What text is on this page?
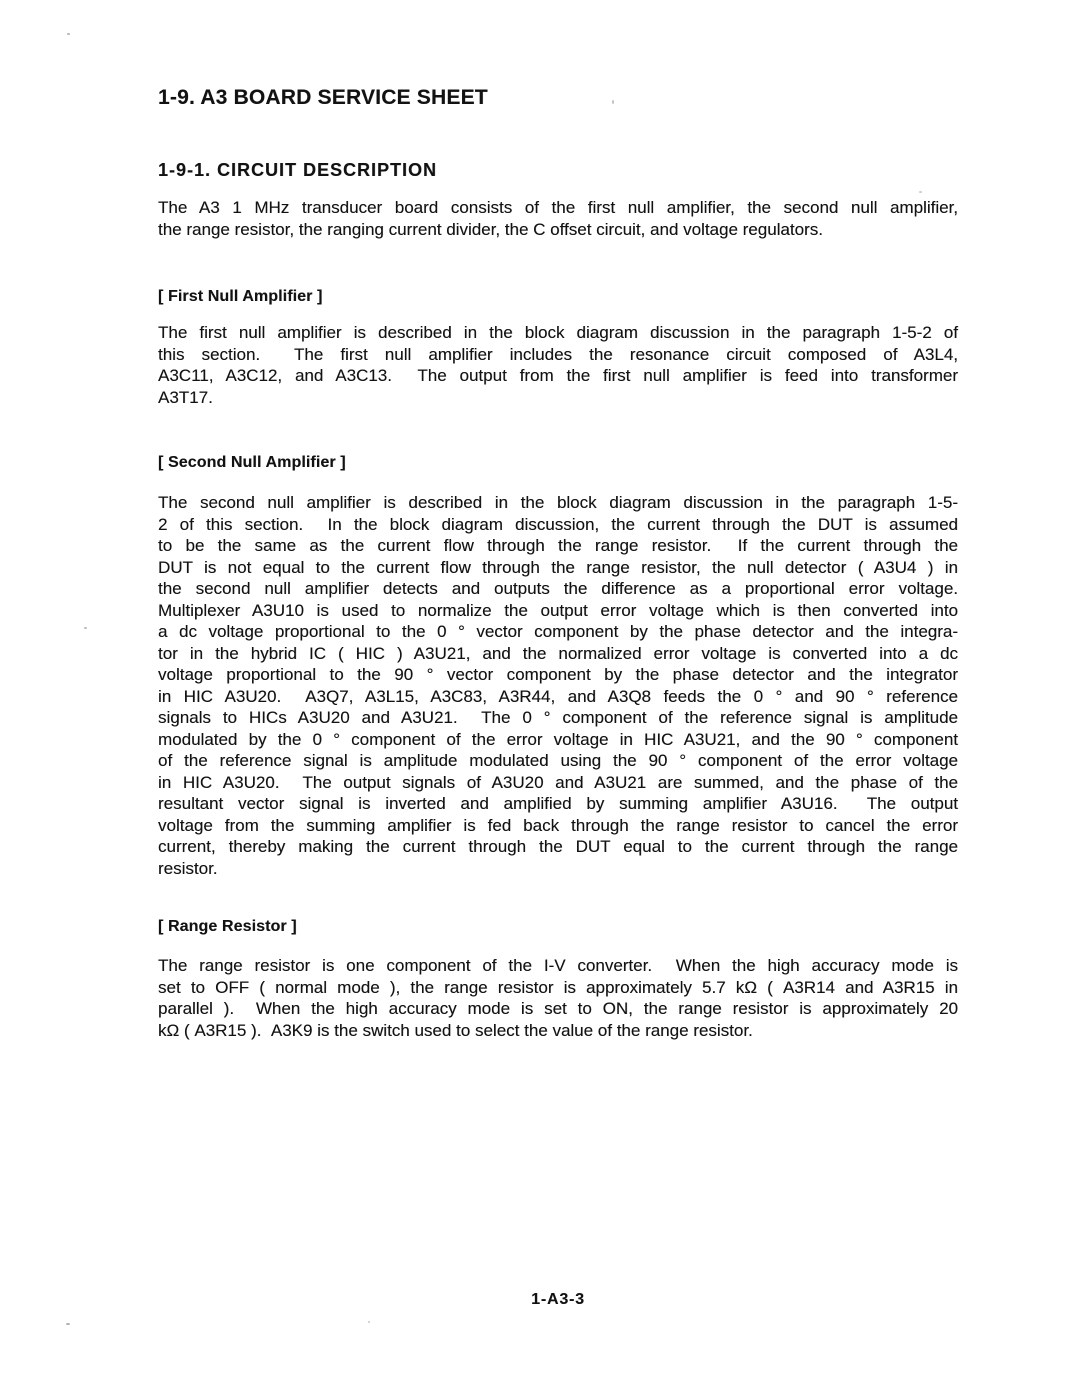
1-9. A3 BOARD SERVICE SHEET
1-9-1. CIRCUIT DESCRIPTION
The A3 1 MHz transducer board consists of the first null amplifier, the second null amplifier,
the range resistor, the ranging current divider, the C offset circuit, and voltage regulators.
[ First Null Amplifier ]
The first null amplifier is described in the block diagram discussion in the paragraph 1-5-2 of
this section.  The first null amplifier includes the resonance circuit composed of A3L4,
A3C11, A3C12, and A3C13.  The output from the first null amplifier is feed into transformer
A3T17.
[ Second Null Amplifier ]
The second null amplifier is described in the block diagram discussion in the paragraph 1-5-
2 of this section.  In the block diagram discussion, the current through the DUT is assumed
to be the same as the current flow through the range resistor.  If the current through the
DUT is not equal to the current flow through the range resistor, the null detector ( A3U4 ) in
the second null amplifier detects and outputs the difference as a proportional error voltage.
Multiplexer A3U10 is used to normalize the output error voltage which is then converted into
a dc voltage proportional to the 0 ° vector component by the phase detector and the integra-
tor in the hybrid IC ( HIC ) A3U21, and the normalized error voltage is converted into a dc
voltage proportional to the 90 ° vector component by the phase detector and the integrator
in HIC A3U20.  A3Q7, A3L15, A3C83, A3R44, and A3Q8 feeds the 0 ° and 90 ° reference
signals to HICs A3U20 and A3U21.  The 0 ° component of the reference signal is amplitude
modulated by the 0 ° component of the error voltage in HIC A3U21, and the 90 ° component
of the reference signal is amplitude modulated using the 90 ° component of the error voltage
in HIC A3U20.  The output signals of A3U20 and A3U21 are summed, and the phase of the
resultant vector signal is inverted and amplified by summing amplifier A3U16.  The output
voltage from the summing amplifier is fed back through the range resistor to cancel the error
current, thereby making the current through the DUT equal to the current through the range
resistor.
[ Range Resistor ]
The range resistor is one component of the I-V converter.  When the high accuracy mode is
set to OFF ( normal mode ), the range resistor is approximately 5.7 kΩ ( A3R14 and A3R15 in
parallel ).  When the high accuracy mode is set to ON, the range resistor is approximately 20
kΩ ( A3R15 ).  A3K9 is the switch used to select the value of the range resistor.
1-A3-3
